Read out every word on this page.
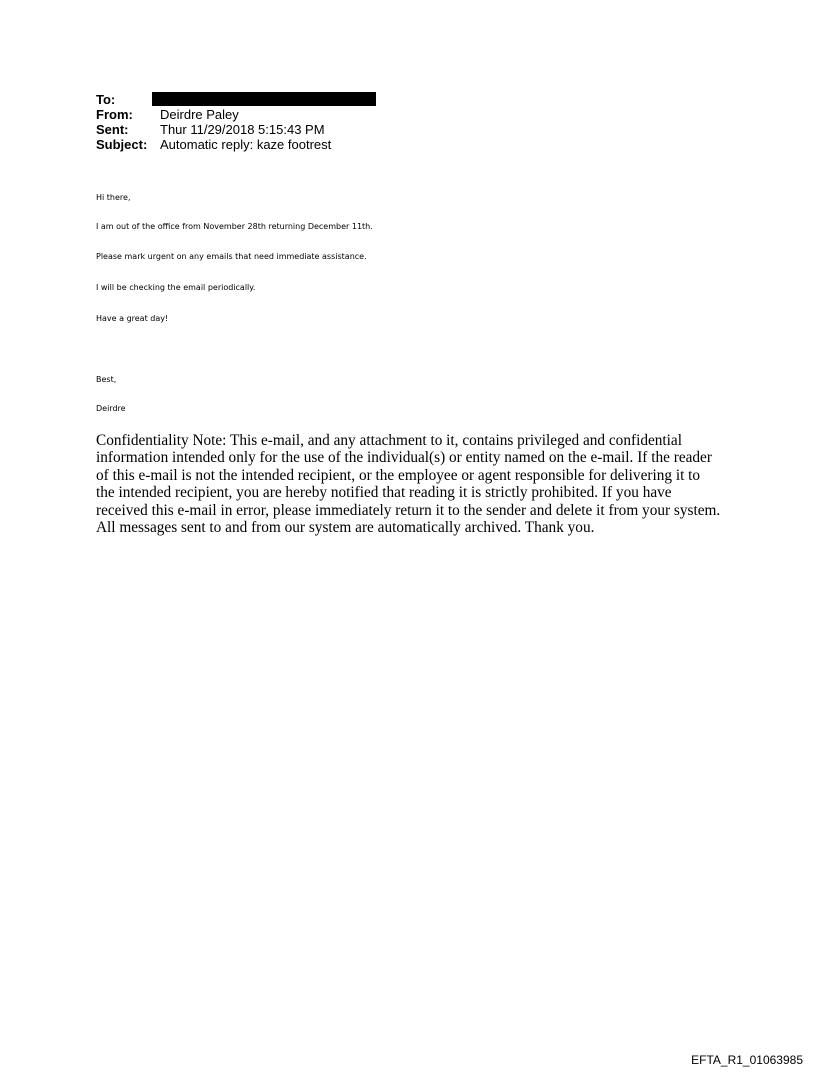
To:
From:	Deirdre Paley
Sent:	Thur 11/29/2018 5:15:43 PM
Subject: Automatic reply: kaze footrest
Hi there,
I am out of the office from November 28th returning December 11th.
Please mark urgent on any emails that need immediate assistance.
I will be checking the email periodically.
Have a great day!
Best,
Deirdre
Confidentiality Note: This e-mail, and any attachment to it, contains privileged and confidential information intended only for the use of the individual(s) or entity named on the e-mail. If the reader of this e-mail is not the intended recipient, or the employee or agent responsible for delivering it to the intended recipient, you are hereby notified that reading it is strictly prohibited. If you have received this e-mail in error, please immediately return it to the sender and delete it from your system. All messages sent to and from our system are automatically archived. Thank you.
EFTA_R1_01063985
